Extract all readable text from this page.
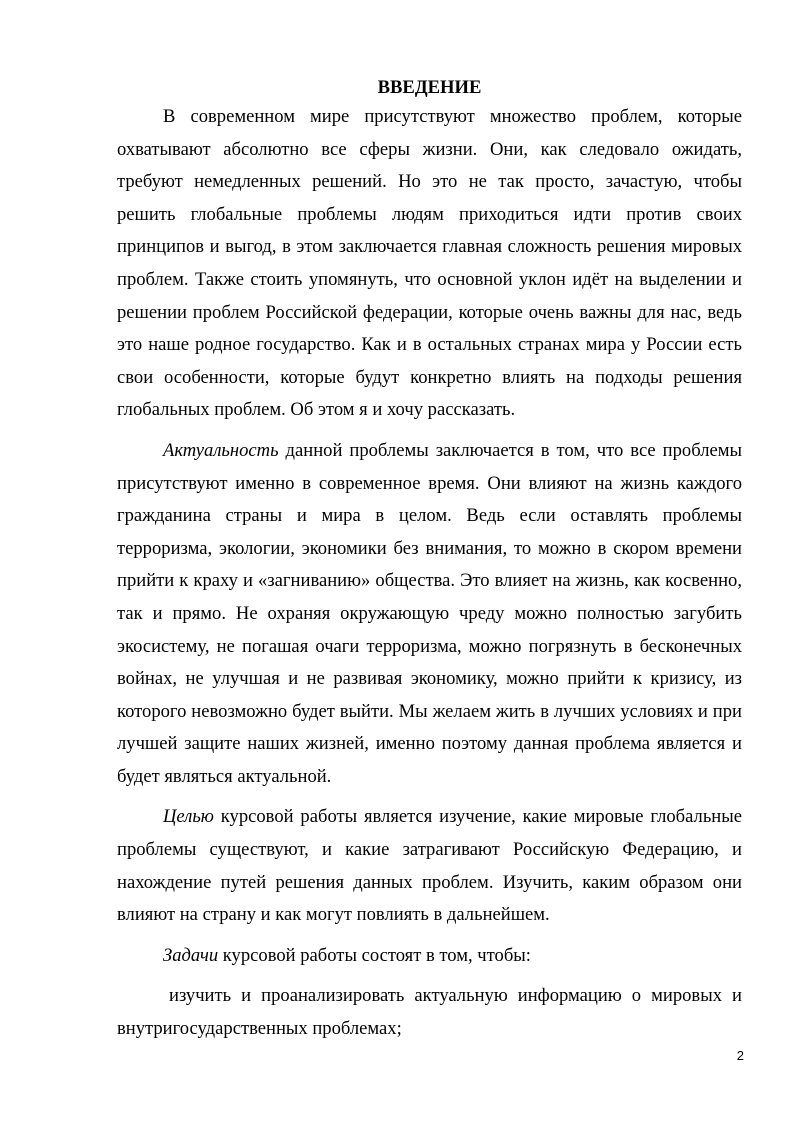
ВВЕДЕНИЕ

В современном мире присутствуют множество проблем, которые охватывают абсолютно все сферы жизни. Они, как следовало ожидать, требуют немедленных решений. Но это не так просто, зачастую, чтобы решить глобальные проблемы людям приходиться идти против своих принципов и выгод, в этом заключается главная сложность решения мировых проблем. Также стоить упомянуть, что основной уклон идёт на выделении и решении проблем Российской федерации, которые очень важны для нас, ведь это наше родное государство. Как и в остальных странах мира у России есть свои особенности, которые будут конкретно влиять на подходы решения глобальных проблем. Об этом я и хочу рассказать.

Актуальность данной проблемы заключается в том, что все проблемы присутствуют именно в современное время. Они влияют на жизнь каждого гражданина страны и мира в целом. Ведь если оставлять проблемы терроризма, экологии, экономики без внимания, то можно в скором времени прийти к краху и «загниванию» общества. Это влияет на жизнь, как косвенно, так и прямо. Не охраняя окружающую чреду можно полностью загубить экосистему, не погашая очаги терроризма, можно погрязнуть в бесконечных войнах, не улучшая и не развивая экономику, можно прийти к кризису, из которого невозможно будет выйти. Мы желаем жить в лучших условиях и при лучшей защите наших жизней, именно поэтому данная проблема является и будет являться актуальной.

Целью курсовой работы является изучение, какие мировые глобальные проблемы существуют, и какие затрагивают Российскую Федерацию, и нахождение путей решения данных проблем. Изучить, каким образом они влияют на страну и как могут повлиять в дальнейшем.

Задачи курсовой работы состоят в том, чтобы:

изучить и проанализировать актуальную информацию о мировых и внутригосударственных проблемах;

2
